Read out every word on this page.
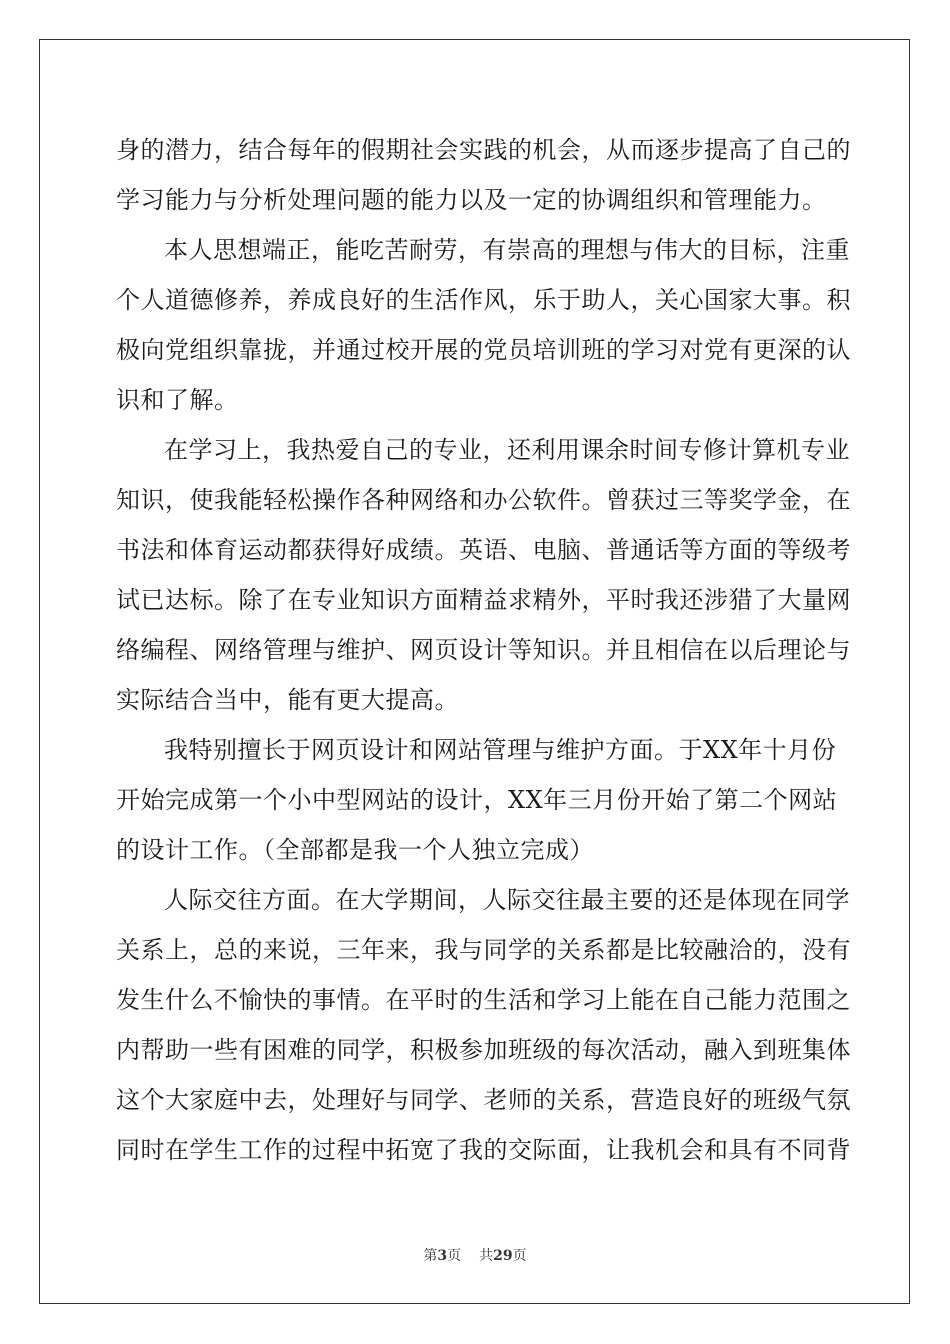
身的潜力，结合每年的假期社会实践的机会，从而逐步提高了自己的
学习能力与分析处理问题的能力以及一定的协调组织和管理能力。
本人思想端正，能吃苦耐劳，有崇高的理想与伟大的目标，注重
个人道德修养，养成良好的生活作风，乐于助人，关心国家大事。积
极向党组织靠拢，并通过校开展的党员培训班的学习对党有更深的认
识和了解。
在学习上，我热爱自己的专业，还利用课余时间专修计算机专业
知识，使我能轻松操作各种网络和办公软件。曾获过三等奖学金，在
书法和体育运动都获得好成绩。英语、电脑、普通话等方面的等级考
试已达标。除了在专业知识方面精益求精外，平时我还涉猎了大量网
络编程、网络管理与维护、网页设计等知识。并且相信在以后理论与
实际结合当中，能有更大提高。
我特别擅长于网页设计和网站管理与维护方面。于XX年十月份
开始完成第一个小中型网站的设计，XX年三月份开始了第二个网站
的设计工作。（全部都是我一个人独立完成）
人际交往方面。在大学期间，人际交往最主要的还是体现在同学
关系上，总的来说，三年来，我与同学的关系都是比较融洽的，没有
发生什么不愉快的事情。在平时的生活和学习上能在自己能力范围之
内帮助一些有困难的同学，积极参加班级的每次活动，融入到班集体
这个大家庭中去，处理好与同学、老师的关系，营造良好的班级气氛
同时在学生工作的过程中拓宽了我的交际面，让我机会和具有不同背
第3页 共29页
